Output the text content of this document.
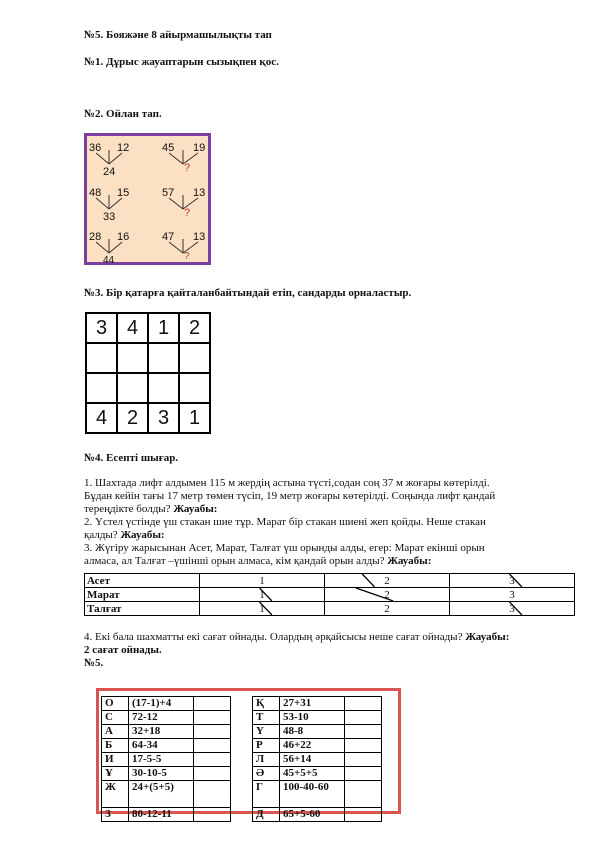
№5. Бояжәне 8 айырмашылықты тап
№1. Дұрыс жауаптарын сызықпен қос.
№2. Ойлан тап.
36 12
24
45 19
?
48 15
33
57 13
?
28 16
44
47 13
?
№3. Бір қатарға қайталанбайтындай етіп, сандарды орналастыр.
3	4	1	2

4	2	3	1
№4. Есепті шығар.
1. Шахтада лифт алдымен 115 м жердің астына түсті,содан соң 37 м жоғары көтерілді.
Бұдан кейін тағы 17 метр төмен түсіп, 19 метр жоғары көтерілді. Соңында лифт қандай
тереңдікте болды? Жауабы:
2. Үстел үстінде үш стакан шие тұр. Марат бір стакан шиені жеп қойды. Неше стакан
қалды? Жауабы:
3. Жүгіру жарысынан Асет, Марат, Талғат үш орынды алды, егер: Марат екінші орын
алмаса, ал Талғат –үшінші орын алмаса, кім қандай орын алды? Жауабы:
Асет	1	2	3

Марат	1	2	3
Талғат	1	2	3
4. Екі бала шахматты екі сағат ойнады. Олардың әрқайсысы неше сағат ойнады? Жауабы:
2 сағат ойнады.
№5.
О	(17-1)+4	
С	72-12	
А	32+18	
Б	64-34	
И	17-5-5	
Ұ	30-10-5	
Ж	24+(5+5)	
З	80-12-11	
Қ	27+31	
Т	53-10	
Ү	48-8	
Р	46+22	
Л	56+14	
Ә	45+5+5	
Г	100-40-60	
Д	65+5-60	
